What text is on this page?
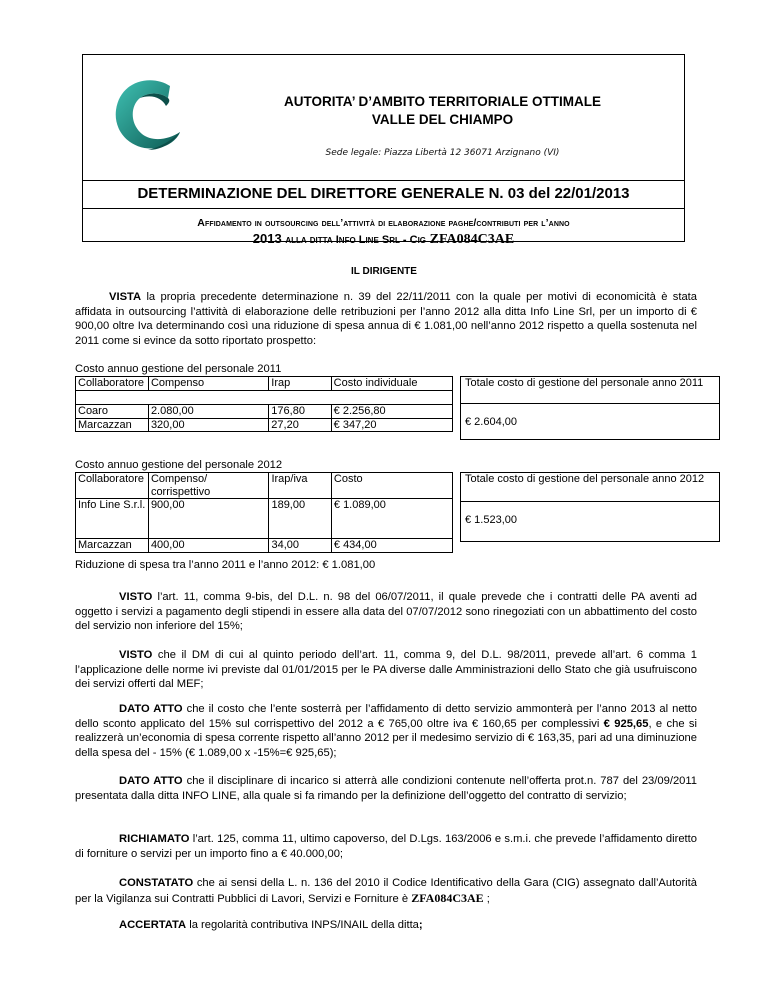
AUTORITA’ D’AMBITO TERRITORIALE OTTIMALE
VALLE DEL CHIAMPO
Sede legale: Piazza Libertà 12 36071 Arzignano (VI)
DETERMINAZIONE DEL DIRETTORE GENERALE N. 03 del 22/01/2013
Affidamento in outsourcing dell’attività di elaborazione paghe/contributi per l’anno
2013 alla ditta Info Line Srl - Cig ZFA084C3AE
IL DIRIGENTE

VISTA la propria precedente determinazione n. 39 del 22/11/2011 con la quale per motivi di economicità è stata affidata in outsourcing l’attività di elaborazione delle retribuzioni per l’anno 2012 alla ditta Info Line Srl, per un importo di € 900,00 oltre Iva determinando così una riduzione di spesa annua di € 1.081,00 nell’anno 2012 rispetto a quella sostenuta nel 2011 come si evince da sotto riportato prospetto:

Costo annuo gestione del personale 2011
Collaboratore	Compenso	Irap	Costo individuale

Coaro	2.080,00	176,80	€ 2.256,80
Marcazzan	320,00	27,20	€ 347,20
Totale costo di gestione del personale anno 2011
€ 2.604,00
Costo annuo gestione del personale 2012
Collaboratore	Compenso/ corrispettivo	Irap/iva	Costo
Info Line S.r.l.	900,00	189,00	€ 1.089,00
Marcazzan	400,00	34,00	€ 434,00
Totale costo di gestione del personale anno 2012
€ 1.523,00
Riduzione di spesa tra l’anno 2011 e l’anno 2012: € 1.081,00

VISTO l’art. 11, comma 9-bis, del D.L. n. 98 del 06/07/2011, il quale prevede che i contratti delle PA aventi ad oggetto i servizi a pagamento degli stipendi in essere alla data del 07/07/2012 sono rinegoziati con un abbattimento del costo del servizio non inferiore del 15%;

VISTO che il DM di cui al quinto periodo dell’art. 11, comma 9, del D.L. 98/2011, prevede all’art. 6 comma 1 l’applicazione delle norme ivi previste dal 01/01/2015 per le PA diverse dalle Amministrazioni dello Stato che già usufruiscono dei servizi offerti dal MEF;

DATO ATTO che il costo che l’ente sosterrà per l’affidamento di detto servizio ammonterà per l’anno 2013 al netto dello sconto applicato del 15% sul corrispettivo del 2012 a € 765,00 oltre iva € 160,65 per complessivi € 925,65, e che si realizzerà un’economia di spesa corrente rispetto all’anno 2012 per il medesimo servizio di € 163,35, pari ad una diminuzione della spesa del - 15% (€ 1.089,00 x -15%=€ 925,65);

DATO ATTO che il disciplinare di incarico si atterrà alle condizioni contenute nell’offerta prot.n. 787 del 23/09/2011 presentata dalla ditta INFO LINE, alla quale si fa rimando per la definizione dell’oggetto del contratto di servizio;

RICHIAMATO l’art. 125, comma 11, ultimo capoverso, del D.Lgs. 163/2006 e s.m.i. che prevede l’affidamento diretto di forniture o servizi per un importo fino a € 40.000,00;

CONSTATATO che ai sensi della L. n. 136 del 2010 il Codice Identificativo della Gara (CIG) assegnato dall’Autorità per la Vigilanza sui Contratti Pubblici di Lavori, Servizi e Forniture è ZFA084C3AE ;

ACCERTATA la regolarità contributiva INPS/INAIL della ditta;
